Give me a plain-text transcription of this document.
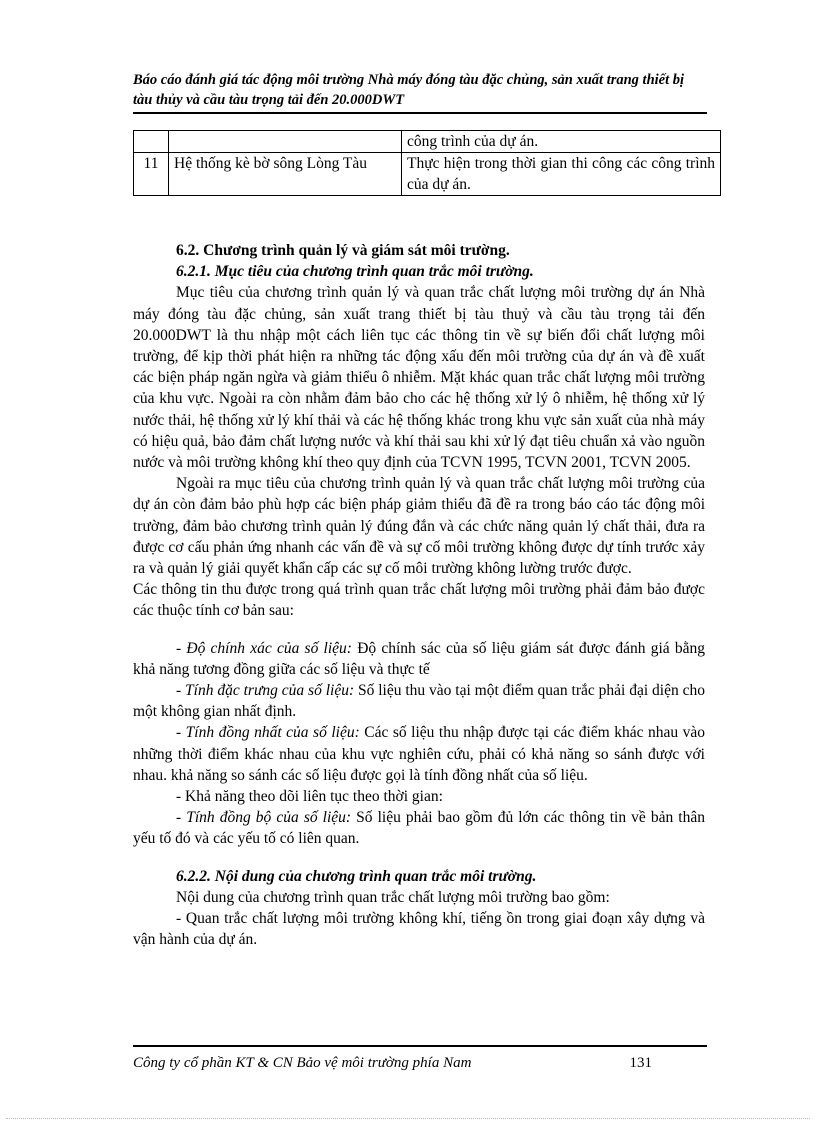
Báo cáo đánh giá tác động môi trường Nhà máy đóng tàu đặc chủng, sản xuất trang thiết bị tàu thủy và cầu tàu trọng tải đến 20.000DWT
		công trình của dự án.
11	Hệ thống kè bờ sông Lòng Tàu	Thực hiện trong thời gian thi công các công trình của dự án.

6.2. Chương trình quản lý và giám sát môi trường.

6.2.1. Mục tiêu của chương trình quan trắc môi trường.

Mục tiêu của chương trình quản lý và quan trắc chất lượng môi trường dự án Nhà máy đóng tàu đặc chủng, sản xuất trang thiết bị tàu thuỷ và cầu tàu trọng tải đến 20.000DWT là thu nhập một cách liên tục các thông tin về sự biến đổi chất lượng môi trường, để kịp thời phát hiện ra những tác động xấu đến môi trường của dự án và đề xuất các biện pháp ngăn ngừa và giảm thiểu ô nhiễm. Mặt khác quan trắc chất lượng môi trường của khu vực. Ngoài ra còn nhằm đảm bảo cho các hệ thống xử lý ô nhiễm, hệ thống xử lý nước thải, hệ thống xử lý khí thải và các hệ thống khác trong khu vực sản xuất của nhà máy có hiệu quả, bảo đảm chất lượng nước và khí thải sau khi xử lý đạt tiêu chuẩn xả vào nguồn nước và môi trường không khí theo quy định của TCVN 1995, TCVN 2001, TCVN 2005.

Ngoài ra mục tiêu của chương trình quản lý và quan trắc chất lượng môi trường của dự án còn đảm bảo phù hợp các biện pháp giảm thiểu đã đề ra trong báo cáo tác động môi trường, đảm bảo chương trình quản lý đúng đắn và các chức năng quản lý chất thải, đưa ra được cơ cấu phản ứng nhanh các vấn đề và sự cố môi trường không được dự tính trước xảy ra và quản lý giải quyết khẩn cấp các sự cố môi trường không lường trước được.

Các thông tin thu được trong quá trình quan trắc chất lượng môi trường phải đảm bảo được các thuộc tính cơ bản sau:

- Độ chính xác của số liệu: Độ chính sác của số liệu giám sát được đánh giá bằng khả năng tương đồng giữa các số liệu và thực tế

- Tính đặc trưng của số liệu: Số liệu thu vào tại một điểm quan trắc phải đại diện cho một không gian nhất định.

- Tính đồng nhất của số liệu: Các số liệu thu nhập được tại các điểm khác nhau vào những thời điểm khác nhau của khu vực nghiên cứu, phải có khả năng so sánh được với nhau. khả năng so sánh các số liệu được gọi là tính đồng nhất của số liệu.

- Khả năng theo dõi liên tục theo thời gian:

- Tính đồng bộ của số liệu: Số liệu phải bao gồm đủ lớn các thông tin về bản thân yếu tố đó và các yếu tố có liên quan.

6.2.2. Nội dung của chương trình quan trắc môi trường.

Nội dung của chương trình quan trắc chất lượng môi trường bao gồm:

- Quan trắc chất lượng môi trường không khí, tiếng ồn trong giai đoạn xây dựng và vận hành của dự án.

Công ty cổ phần KT & CN Bảo vệ môi trường phía Nam	131
